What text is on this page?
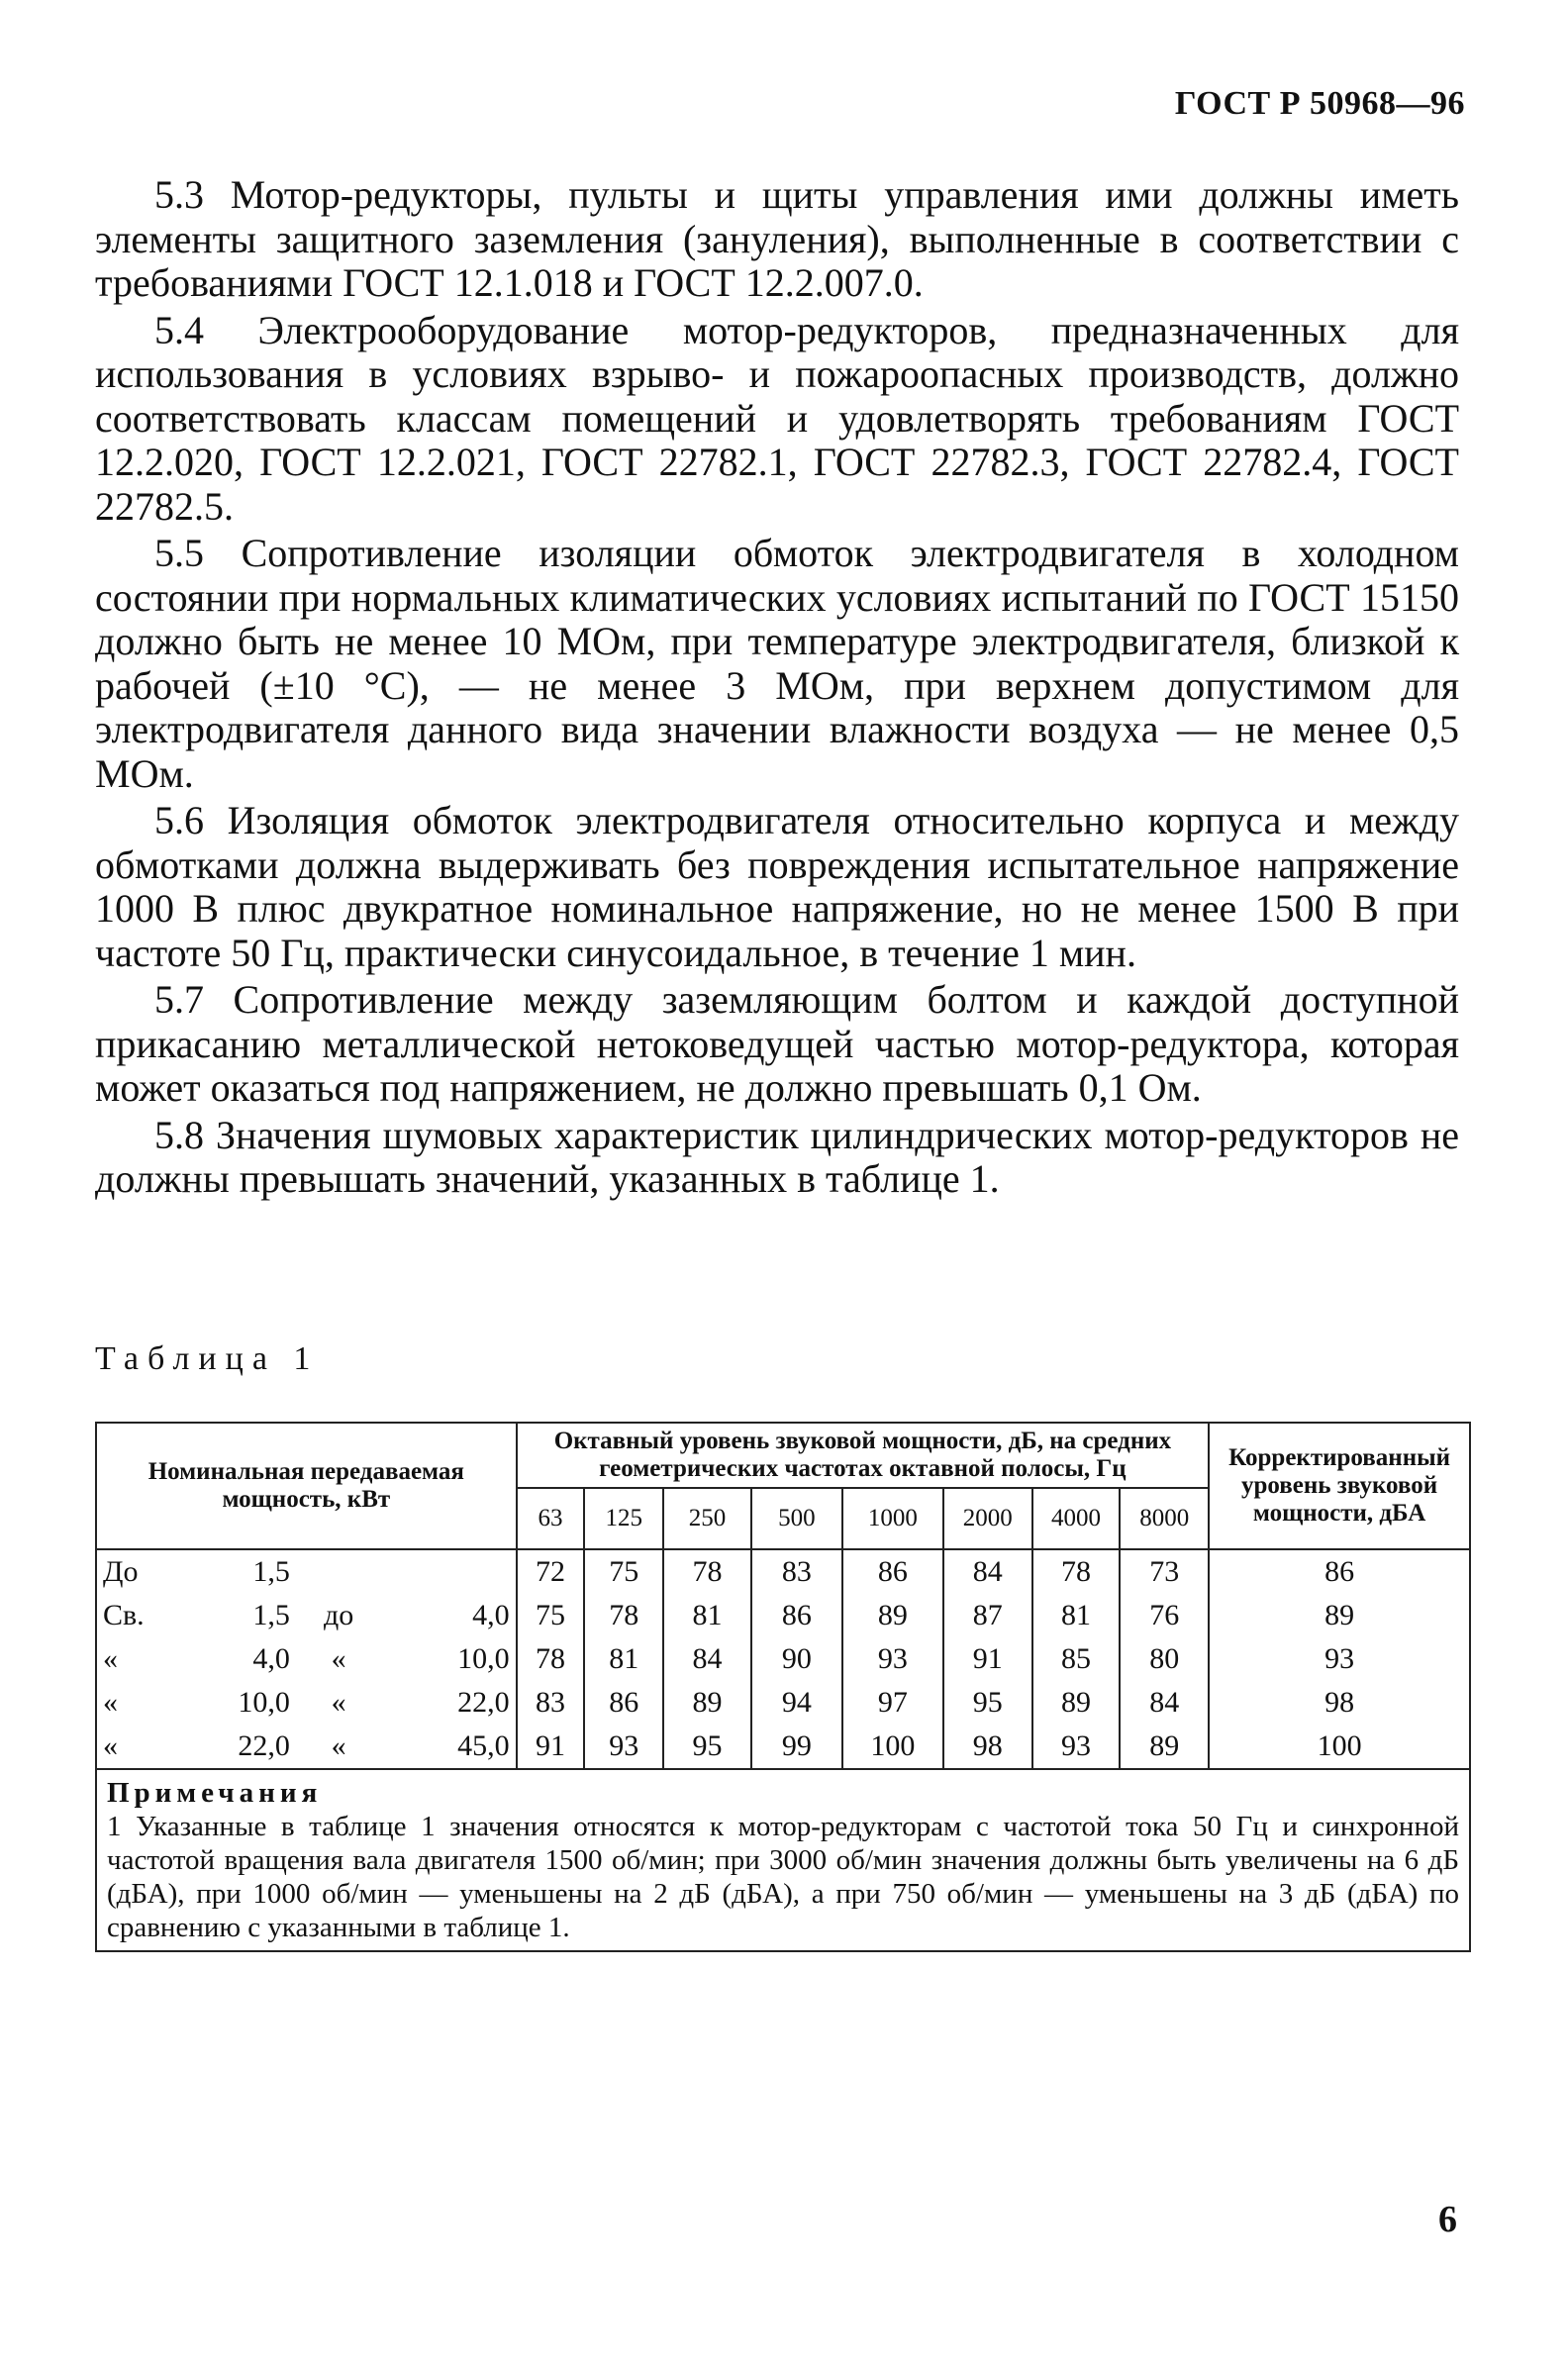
ГОСТ Р 50968—96

5.3 Мотор-редукторы, пульты и щиты управления ими должны иметь элементы защитного заземления (зануления), выполненные в соответствии с требованиями ГОСТ 12.1.018 и ГОСТ 12.2.007.0.

5.4 Электрооборудование мотор-редукторов, предназначенных для использования в условиях взрыво- и пожароопасных производств, должно соответствовать классам помещений и удовлетворять требованиям ГОСТ 12.2.020, ГОСТ 12.2.021, ГОСТ 22782.1, ГОСТ 22782.3, ГОСТ 22782.4, ГОСТ 22782.5.

5.5 Сопротивление изоляции обмоток электродвигателя в холодном состоянии при нормальных климатических условиях испытаний по ГОСТ 15150 должно быть не менее 10 МОм, при температуре электродвигателя, близкой к рабочей (±10 °С), — не менее 3 МОм, при верхнем допустимом для электродвигателя данного вида значении влажности воздуха — не менее 0,5 МОм.

5.6 Изоляция обмоток электродвигателя относительно корпуса и между обмотками должна выдерживать без повреждения испытательное напряжение 1000 В плюс двукратное номинальное напряжение, но не менее 1500 В при частоте 50 Гц, практически синусоидальное, в течение 1 мин.

5.7 Сопротивление между заземляющим болтом и каждой доступной прикасанию металлической нетоковедущей частью мотор-редуктора, которая может оказаться под напряжением, не должно превышать 0,1 Ом.

5.8 Значения шумовых характеристик цилиндрических мотор-редукторов не должны превышать значений, указанных в таблице 1.

Таблица 1
Номинальная передаваемая мощность, кВт	Октавный уровень звуковой мощности, дБ, на средних геометрических частотах октавной полосы, Гц								Корректированный уровень звуковой мощности, дБА
	63	125	250	500	1000	2000	4000	8000	

До 1,5	72	75	78	83	86	84	78	73	86

Св. 1,5 до 4,0	75	78	81	86	89	87	81	76	89

« 4,0 « 10,0	78	81	84	90	93	91	85	80	93

« 10,0 « 22,0	83	86	89	94	97	95	89	84	98

« 22,0 « 45,0	91	93	95	99	100	98	93	89	100

Примечания
1 Указанные в таблице 1 значения относятся к мотор-редукторам с частотой тока 50 Гц и синхронной частотой вращения вала двигателя 1500 об/мин; при 3000 об/мин значения должны быть увеличены на 6 дБ (дБА), при 1000 об/мин — уменьшены на 2 дБ (дБА), а при 750 об/мин — уменьшены на 3 дБ (дБА) по сравнению с указанными в таблице 1.									
6
